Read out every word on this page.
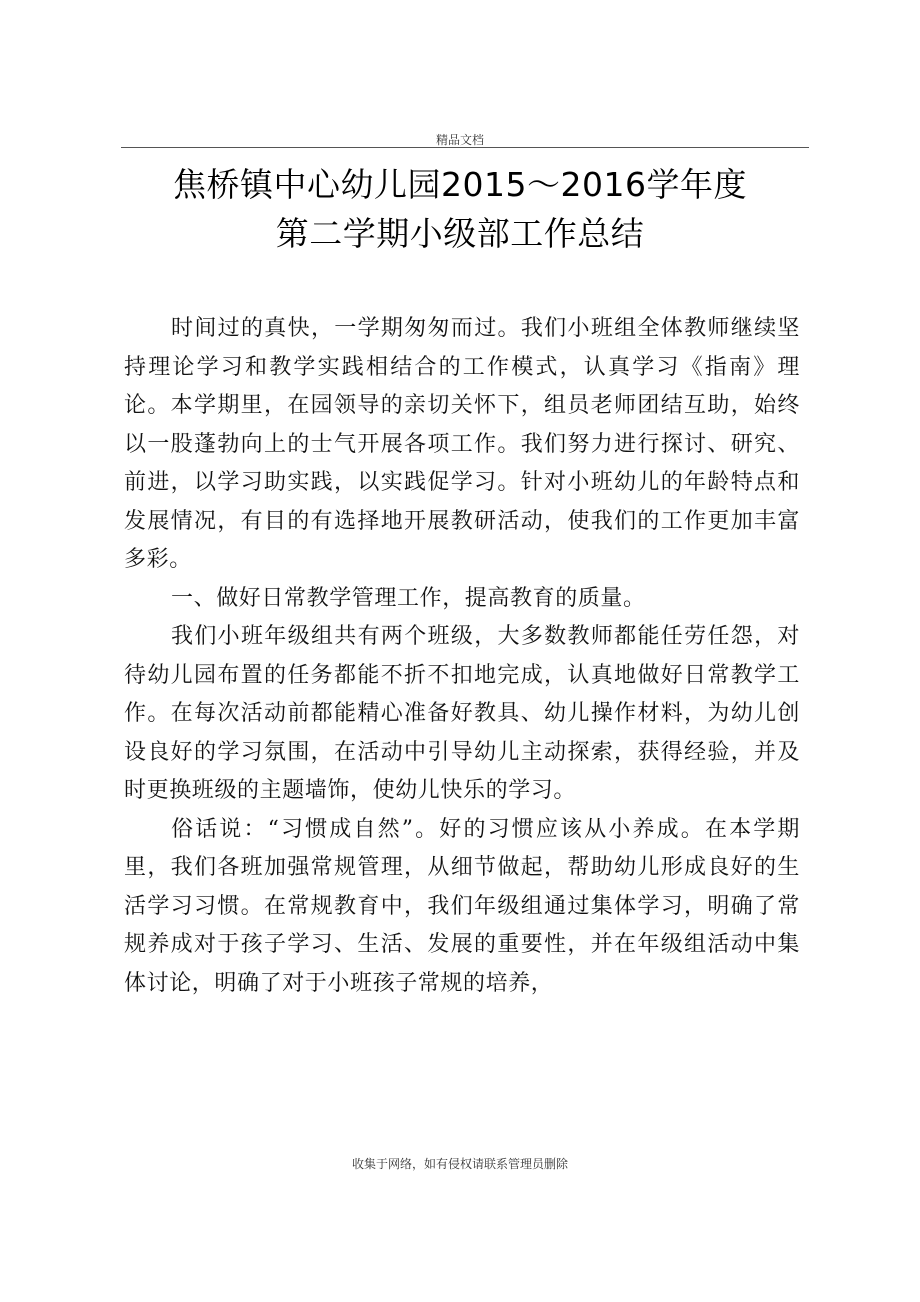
精品文档
焦桥镇中心幼儿园2015～2016学年度
第二学期小级部工作总结

时间过的真快，一学期匆匆而过。我们小班组全体教师继续坚持理论学习和教学实践相结合的工作模式，认真学习《指南》理论。本学期里，在园领导的亲切关怀下，组员老师团结互助，始终以一股蓬勃向上的士气开展各项工作。我们努力进行探讨、研究、前进，以学习助实践，以实践促学习。针对小班幼儿的年龄特点和发展情况，有目的有选择地开展教研活动，使我们的工作更加丰富多彩。

一、做好日常教学管理工作，提高教育的质量。

我们小班年级组共有两个班级，大多数教师都能任劳任怨，对待幼儿园布置的任务都能不折不扣地完成，认真地做好日常教学工作。在每次活动前都能精心准备好教具、幼儿操作材料，为幼儿创设良好的学习氛围，在活动中引导幼儿主动探索，获得经验，并及时更换班级的主题墙饰，使幼儿快乐的学习。

俗话说：“习惯成自然”。好的习惯应该从小养成。在本学期里，我们各班加强常规管理，从细节做起，帮助幼儿形成良好的生活学习习惯。在常规教育中，我们年级组通过集体学习，明确了常规养成对于孩子学习、生活、发展的重要性，并在年级组活动中集体讨论，明确了对于小班孩子常规的培养，

收集于网络，如有侵权请联系管理员删除
